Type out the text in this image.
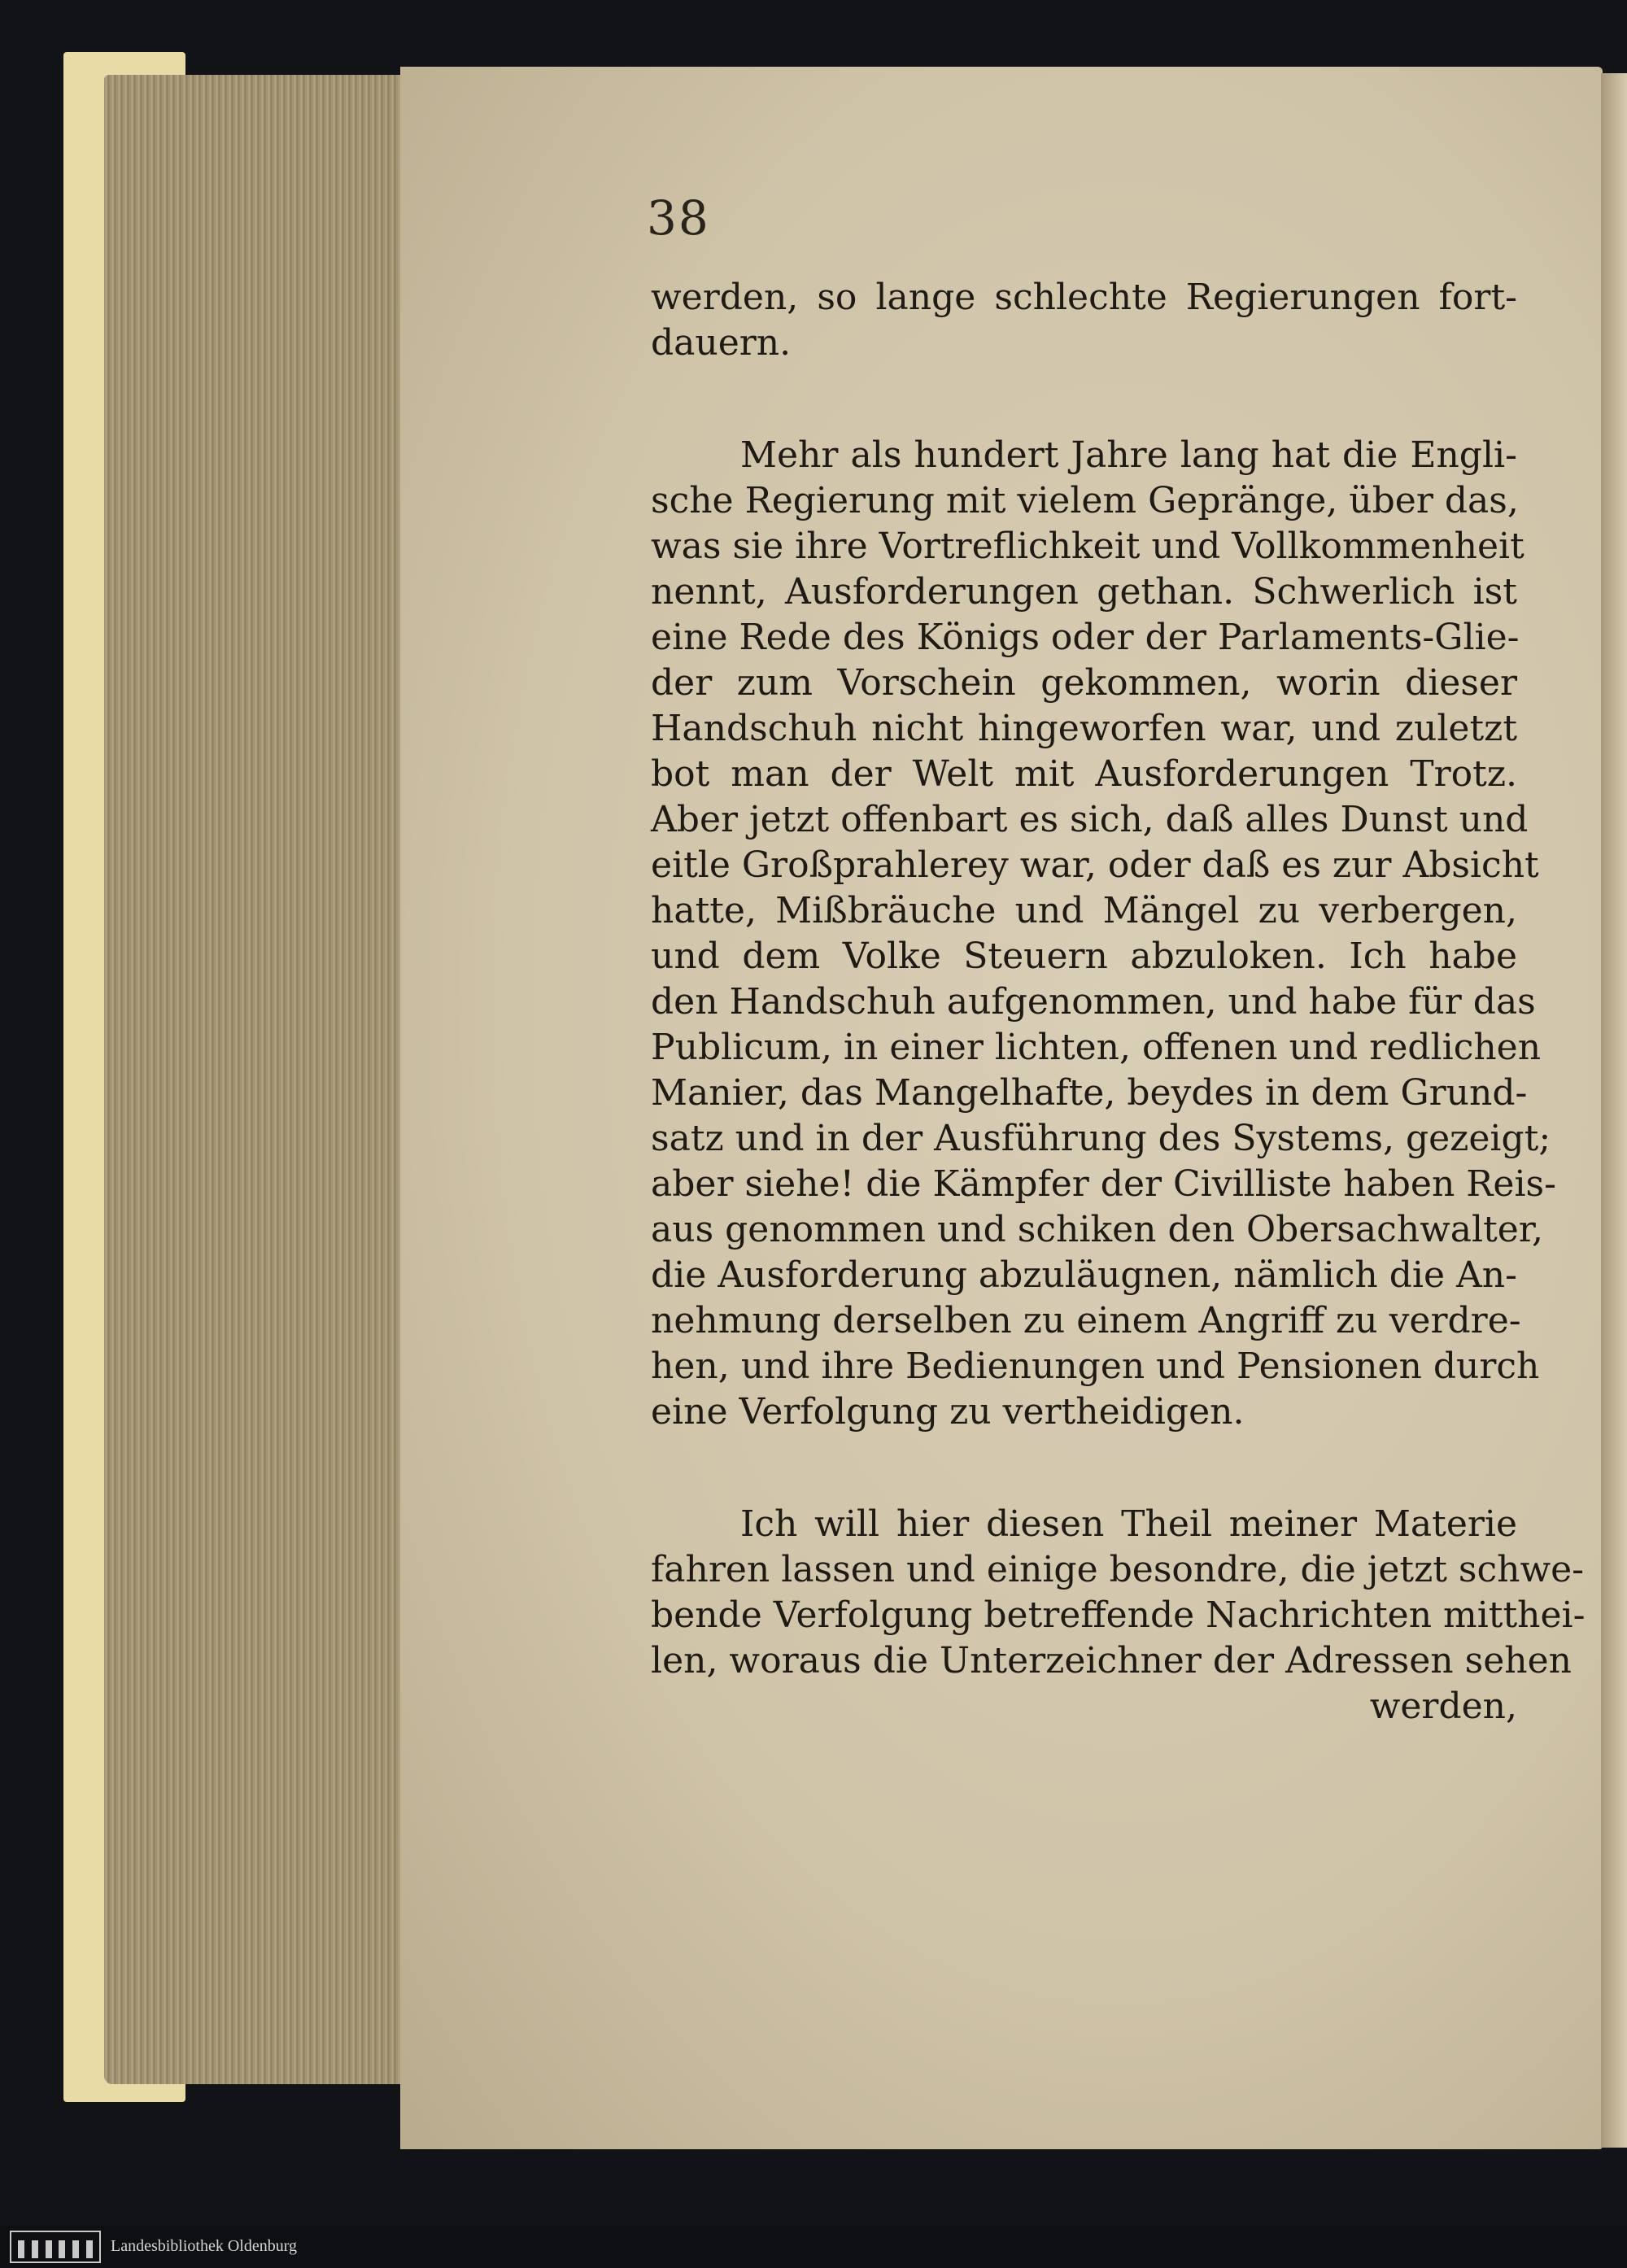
38
werden, so lange schlechte Regierungen fort-
dauern.
Mehr als hundert Jahre lang hat die Engli-
sche Regierung mit vielem Gepränge, über das,
was sie ihre Vortreflichkeit und Vollkommenheit
nennt, Ausforderungen gethan. Schwerlich ist
eine Rede des Königs oder der Parlaments-Glie-
der zum Vorschein gekommen, worin dieser
Handschuh nicht hingeworfen war, und zuletzt
bot man der Welt mit Ausforderungen Trotz.
Aber jetzt offenbart es sich, daß alles Dunst und
eitle Großprahlerey war, oder daß es zur Absicht
hatte, Mißbräuche und Mängel zu verbergen,
und dem Volke Steuern abzuloken. Ich habe
den Handschuh aufgenommen, und habe für das
Publicum, in einer lichten, offenen und redlichen
Manier, das Mangelhafte, beydes in dem Grund-
satz und in der Ausführung des Systems, gezeigt;
aber siehe! die Kämpfer der Civilliste haben Reis-
aus genommen und schiken den Obersachwalter,
die Ausforderung abzuläugnen, nämlich die An-
nehmung derselben zu einem Angriff zu verdre-
hen, und ihre Bedienungen und Pensionen durch
eine Verfolgung zu vertheidigen.
Ich will hier diesen Theil meiner Materie
fahren lassen und einige besondre, die jetzt schwe-
bende Verfolgung betreffende Nachrichten mitthei-
len, woraus die Unterzeichner der Adressen sehen
werden,
Landesbibliothek Oldenburg
